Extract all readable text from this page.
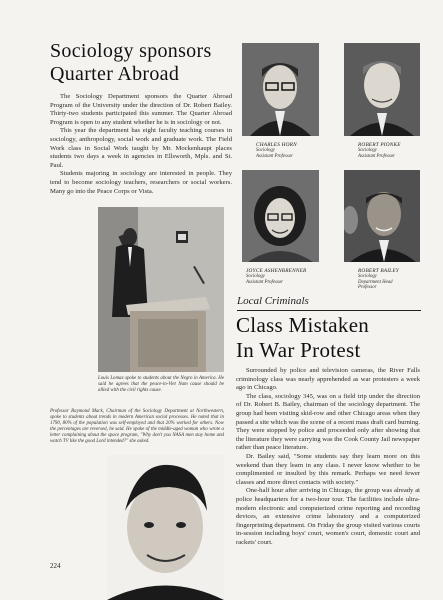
Sociology sponsors
Quarter Abroad

The Sociology Department sponsors the Quarter Abroad Program of the University under the direction of Dr. Robert Bailey. Thirty-two students participated this summer. The Quarter Abroad Program is open to any student whether he is in sociology or not.

This year the department has eight faculty teaching courses in sociology, anthropology, social work and graduate work. The Field Work class in Social Work taught by Mr. Mockenhaupt places students two days a week in agencies in Ellsworth, Mpls. and St. Paul.

Students majoring in sociology are interested in people. They tend to become sociology teachers, researchers or social workers. Many go into the Peace Corps or Vista.

CHARLES HORN
Sociology
Assistant Professor
ROBERT PIONKE
Sociology
Assistant Professor
JOYCE ASHENBRENNER
Sociology
Assistant Professor
ROBERT BAILEY
Sociology
Department Head
Professor
Louis Lomax spoke to students about the Negro in America. He said he agrees that the peace-in-Viet Nam cause should be allied with the civil rights cause.
Professor Raymond Mack, Chairman of the Sociology Department at Northwestern, spoke to students about trends in modern American social processes. He noted that in 1790, 80% of the population was self-employed and that 20% worked for others. Now the percentages are reversed, he said. He spoke of the middle-aged woman who wrote a letter complaining about the space program, "Why don't you NASA men stay home and watch TV like the good Lord intended?" she asked.
Local Criminals
Class Mistaken
In War Protest

Surrounded by police and television cameras, the River Falls criminology class was nearly apprehended as war protesters a week ago in Chicago.

The class, sociology 345, was on a field trip under the direction of Dr. Robert B. Bailey, chairman of the sociology department. The group had been visiting skid-row and other Chicago areas when they passed a site which was the scene of a recent mass draft card burning. They were stopped by police and proceeded only after showing that the literature they were carrying was the Cook County Jail newspaper rather than peace literature.

Dr. Bailey said, "Some students say they learn more on this weekend than they learn in any class. I never know whether to be complimented or insulted by this remark. Perhaps we need fewer classes and more direct contacts with society."

One-half hour after arriving in Chicago, the group was already at police headquarters for a two-hour tour. The facilities include ultra-modern electronic and computerized crime reporting and recording devices, an extensive crime laboratory and a computerized fingerprinting department. On Friday the group visited various courts in-session including boys' court, women's court, domestic court and rackets' court.

224
